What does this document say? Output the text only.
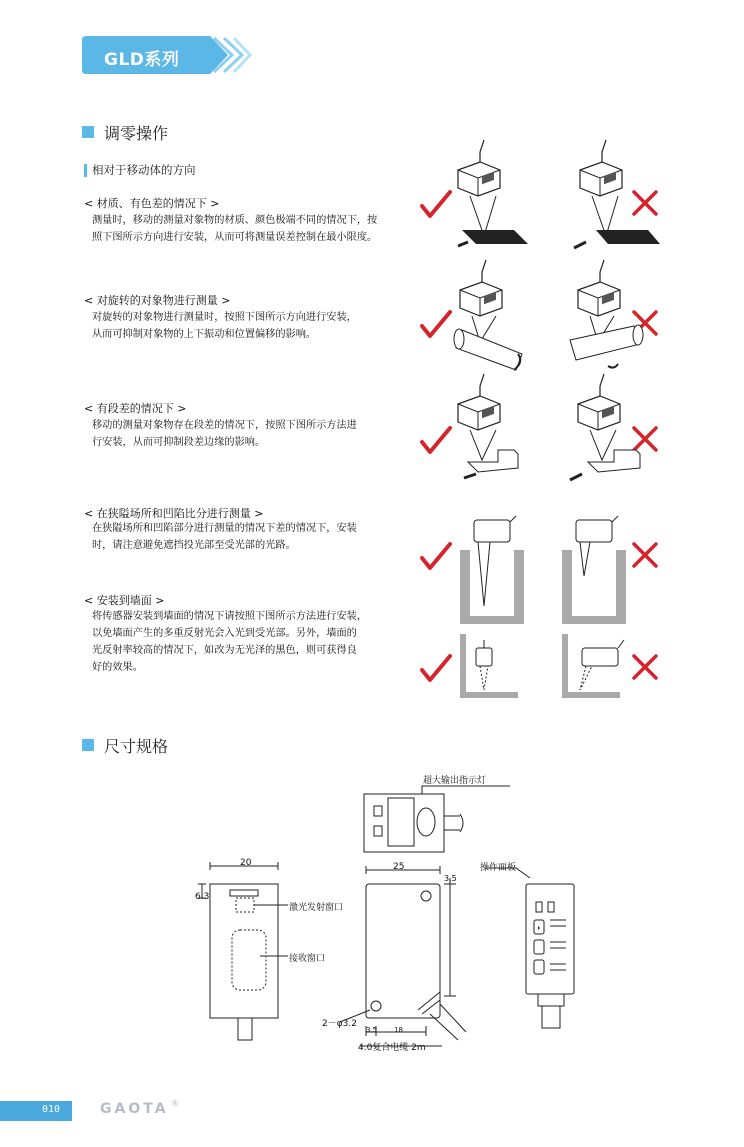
GLD系列
调零操作
相对于移动体的方向
< 材质、有色差的情况下 >
测量时，移动的测量对象物的材质、颜色极端不同的情况下，按
照下图所示方向进行安装，从而可将测量误差控制在最小限度。
< 对旋转的对象物进行测量 >
对旋转的对象物进行测量时，按照下图所示方向进行安装，
从而可抑制对象物的上下振动和位置偏移的影响。
< 有段差的情况下 >
移动的测量对象物存在段差的情况下，按照下图所示方法进
行安装，从而可抑制段差边缘的影响。
< 在狭隘场所和凹陷比分进行测量 >
在狭隘场所和凹陷部分进行测量的情况下差的情况下，安装
时，请注意避免遮挡投光部至受光部的光路。
< 安装到墙面 >
将传感器安装到墙面的情况下请按照下图所示方法进行安装，
以免墙面产生的多重反射光会入光到受光部。另外，墙面的
光反射率较高的情况下，如改为无光泽的黑色，则可获得良
好的效果。
尺寸规格
超大输出指示灯
操作面板
激光发射窗口
接收窗口
2－φ3.2
4.0复合电缆 2m
20	25
6.3
3.5
3.5 18
010	GAOTA ®
